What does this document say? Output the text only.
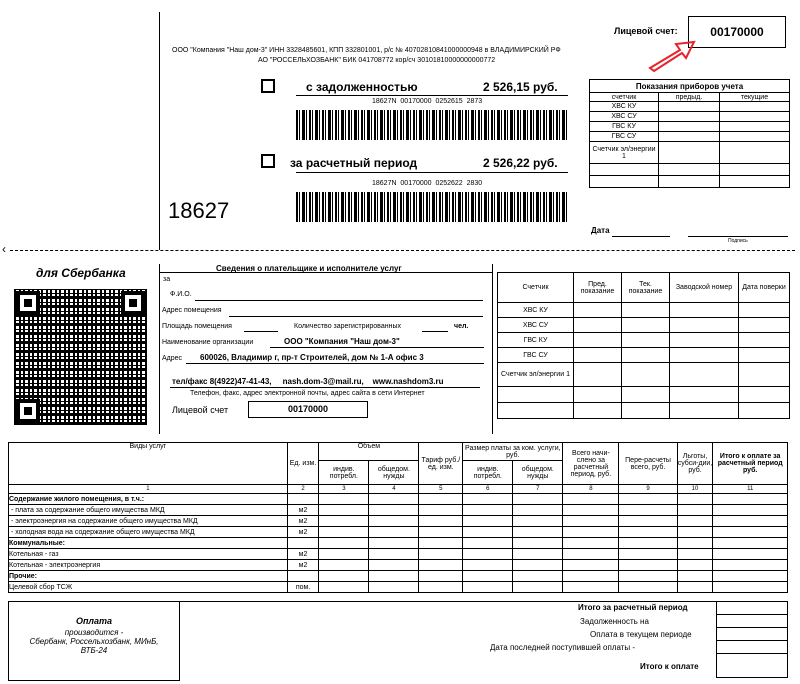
Лицевой счет:	00170000
ООО "Компания "Наш дом-3" ИНН 3328485601, КПП 332801001, р/с № 40702810841000000948 в ВЛАДИМИРСКИЙ РФ
АО "РОССЕЛЬХОЗБАНК" БИК 041708772 кор/сч 30101810000000000772
с задолженностью	2 526,15 руб.
18627N  00170000  0252615  2873
за расчетный период	2 526,22 руб.
18627N  00170000  0252622  2830
18627
Показания приборов учета		
счетчик	предыд.	текущие
ХВС КУ		
ХВС СУ		
ГВС КУ		
ГВС СУ		
Счетчик эл/энергии 1		

Дата
Подпись
‹
для Сбербанка	Сведения о плательщике и исполнителе услуг
за
Ф.И.О.
Адрес помещения
Площадь помещения	Количество зарегистрированных	чел.
Наименование организации	ООО "Компания "Наш дом-3"
Адрес 600026, Владимир г, пр-т Строителей, дом № 1-А офис 3
тел/факс 8(4922)47-41-43,     nash.dom-3@mail.ru,    www.nashdom3.ru
Телефон, факс, адрес электронной почты, адрес сайта в сети Интернет
Лицевой счет	00170000
Счетчик	Пред. показание	Тек. показание	Заводской номер	Дата поверки
ХВС КУ				
ХВС СУ				
ГВС КУ				
ГВС СУ				
Счетчик эл/энергии 1				

Виды услуг	Ед. изм.	Объем		Тариф руб./ед. изм.	Размер платы за ком. услуги, руб.		Всего начи-слено за расчетный период, руб.	Пере-расчеты всего, руб.	Льготы, субси-дии, руб.	Итого к оплате за расчетный период руб.
		индив. потребл.	общедом. нужды		индив. потребл.	общедом. нужды				
1	2	3	4	5	6	7	8	9	10	11
Содержание жилого помещения, в т.ч.:										
- плата за содержание общего имущества МКД	м2									
- электроэнергия на содержание общего имущества МКД	м2									
- холодная вода на содержание общего имущества МКД	м2									
Коммунальные:										
Котельная - газ	м2									
Котельная - электроэнергия	м2									
Прочие:										
Целевой сбор ТСЖ	пом.									
Оплата
производится -
Сбербанк, Россельхозбанк, МИнБ,
ВТБ-24
Итого за расчетный период
Задолженность на
Оплата в текущем периоде
Дата последней поступившей оплаты -
Итого к оплате
